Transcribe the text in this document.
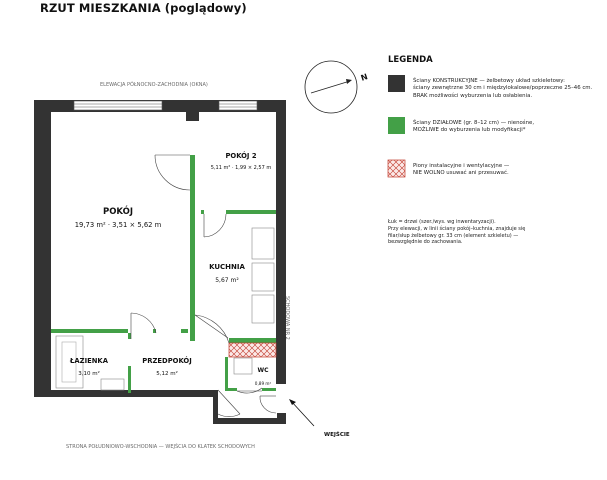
RZUT MIESZKANIA (poglądowy)
ELEWACJA PÓŁNOCNO-ZACHODNIA (OKNA)
STRONA POŁUDNIOWO-WSCHODNIA — WEJŚCIA DO KLATEK SCHODOWYCH
SCHODOWA NR 2
WEJŚCIE
N
POKÓJ
19,73 m² · 3,51 × 5,62 m
POKÓJ 2
5,11 m² · 1,99 × 2,57 m
KUCHNIA
5,67 m²
ŁAZIENKA
3,10 m²
PRZEDPOKÓJ
5,12 m²	WC
0,89 m²
LEGENDA
Ściany KONSTRUKCYJNE — żelbetowy układ szkieletowy:
ściany zewnętrzne 30 cm i międzylokalowe/poprzeczne 25–46 cm.
BRAK możliwości wyburzenia lub osłabienia.
Ściany DZIAŁOWE (gr. 8–12 cm) — nienośne,
MOŻLIWE do wyburzenia lub modyfikacji*
Piony instalacyjne i wentylacyjne —
NIE WOLNO usuwać ani przesuwać.
Łuk = drzwi (szer./wys. wg inwentaryzacji).
Przy elewacji, w linii ściany pokój–kuchnia, znajduje się
filar/słup żelbetowy gr. 33 cm (element szkieletu) —
bezwzględnie do zachowania.
